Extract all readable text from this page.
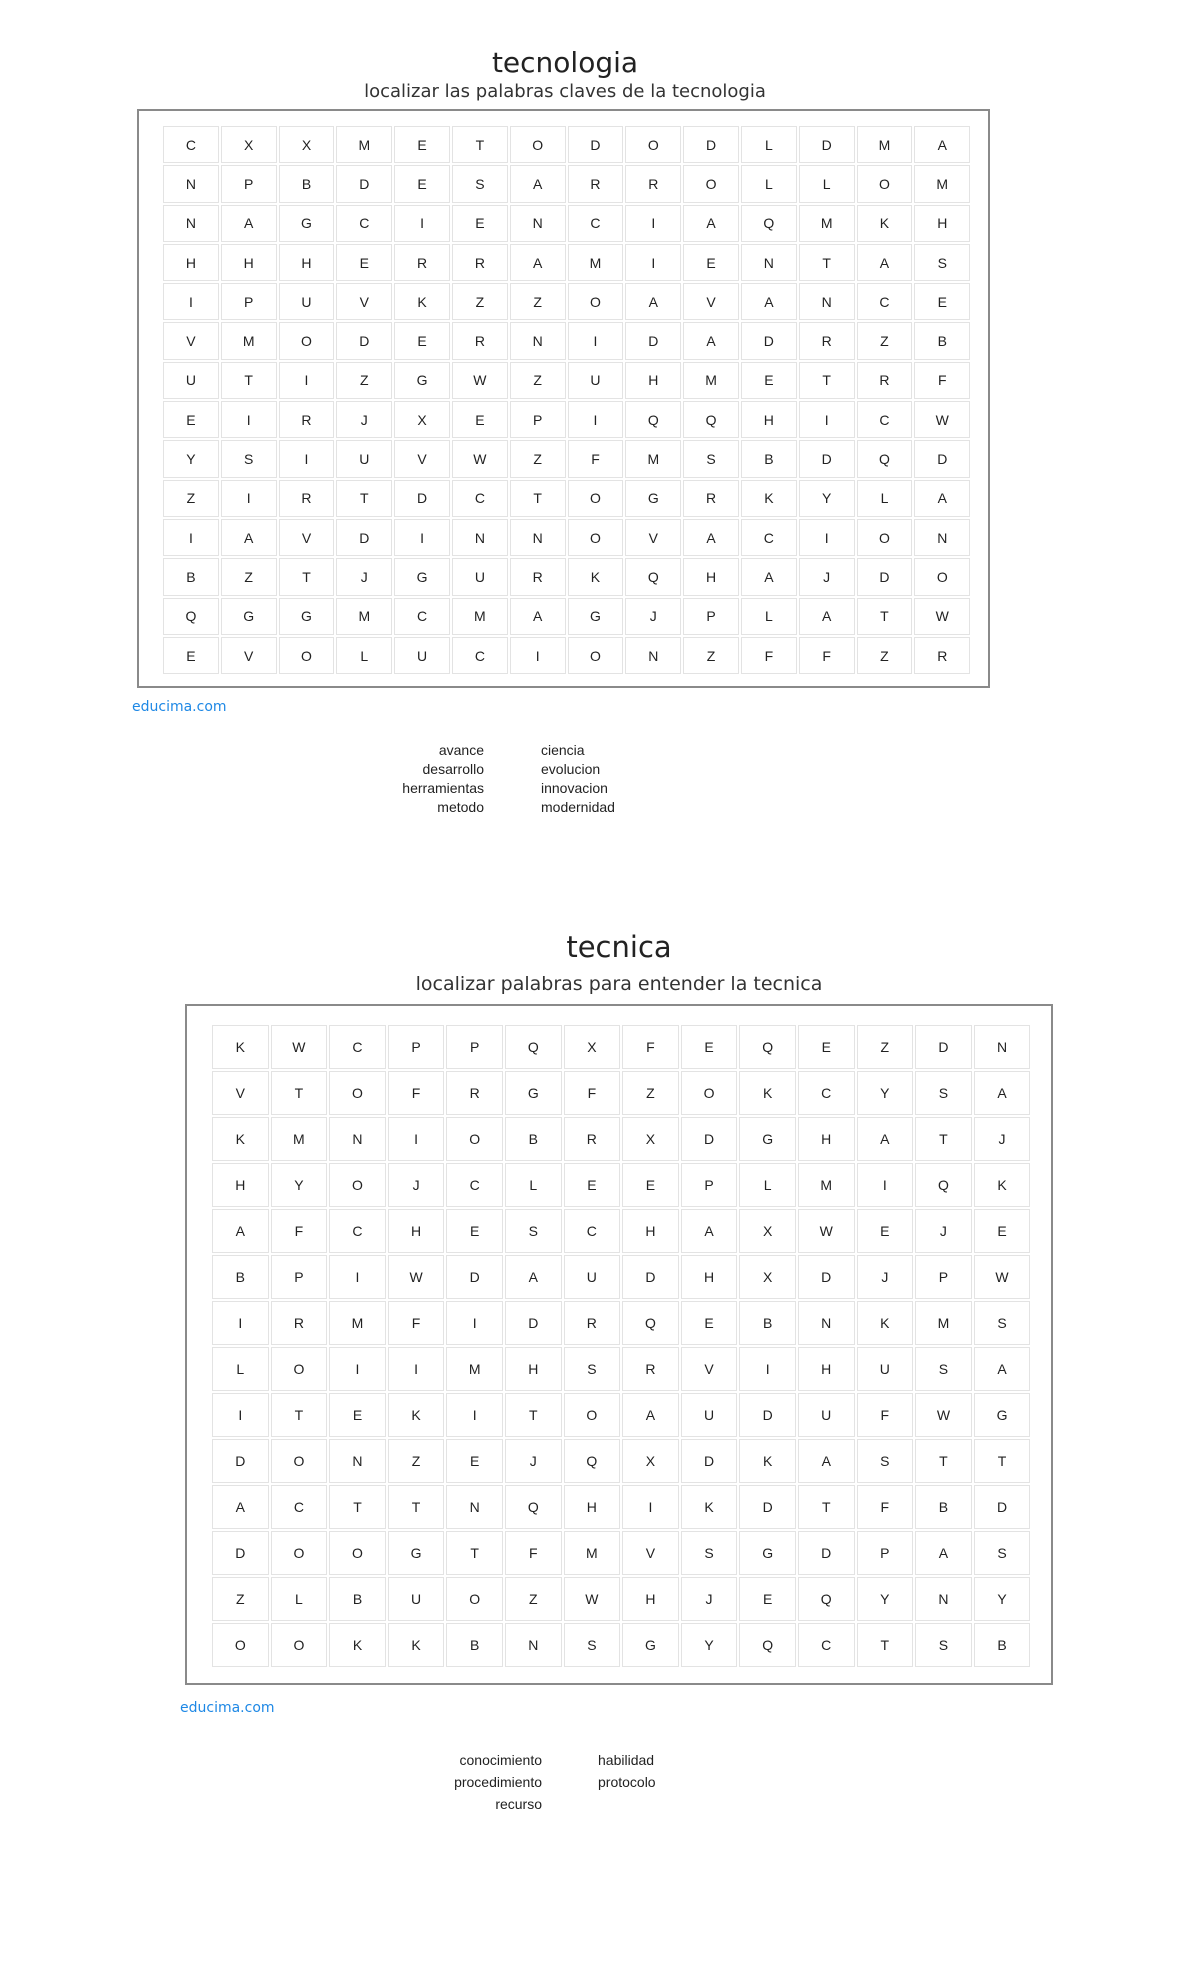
tecnologia
localizar las palabras claves de la tecnologia
C	X	X	M	E	T	O	D	O	D	L	D	M	A
N	P	B	D	E	S	A	R	R	O	L	L	O	M
N	A	G	C	I	E	N	C	I	A	Q	M	K	H
H	H	H	E	R	R	A	M	I	E	N	T	A	S
I	P	U	V	K	Z	Z	O	A	V	A	N	C	E
V	M	O	D	E	R	N	I	D	A	D	R	Z	B
U	T	I	Z	G	W	Z	U	H	M	E	T	R	F
E	I	R	J	X	E	P	I	Q	Q	H	I	C	W
Y	S	I	U	V	W	Z	F	M	S	B	D	Q	D
Z	I	R	T	D	C	T	O	G	R	K	Y	L	A
I	A	V	D	I	N	N	O	V	A	C	I	O	N
B	Z	T	J	G	U	R	K	Q	H	A	J	D	O
Q	G	G	M	C	M	A	G	J	P	L	A	T	W
E	V	O	L	U	C	I	O	N	Z	F	F	Z	R
educima.com
avance
desarrollo
herramientas
metodo
ciencia
evolucion
innovacion
modernidad
tecnica
localizar palabras para entender la tecnica
K	W	C	P	P	Q	X	F	E	Q	E	Z	D	N
V	T	O	F	R	G	F	Z	O	K	C	Y	S	A
K	M	N	I	O	B	R	X	D	G	H	A	T	J
H	Y	O	J	C	L	E	E	P	L	M	I	Q	K
A	F	C	H	E	S	C	H	A	X	W	E	J	E
B	P	I	W	D	A	U	D	H	X	D	J	P	W
I	R	M	F	I	D	R	Q	E	B	N	K	M	S
L	O	I	I	M	H	S	R	V	I	H	U	S	A
I	T	E	K	I	T	O	A	U	D	U	F	W	G
D	O	N	Z	E	J	Q	X	D	K	A	S	T	T
A	C	T	T	N	Q	H	I	K	D	T	F	B	D
D	O	O	G	T	F	M	V	S	G	D	P	A	S
Z	L	B	U	O	Z	W	H	J	E	Q	Y	N	Y
O	O	K	K	B	N	S	G	Y	Q	C	T	S	B
educima.com
conocimiento
procedimiento
recurso
habilidad
protocolo
